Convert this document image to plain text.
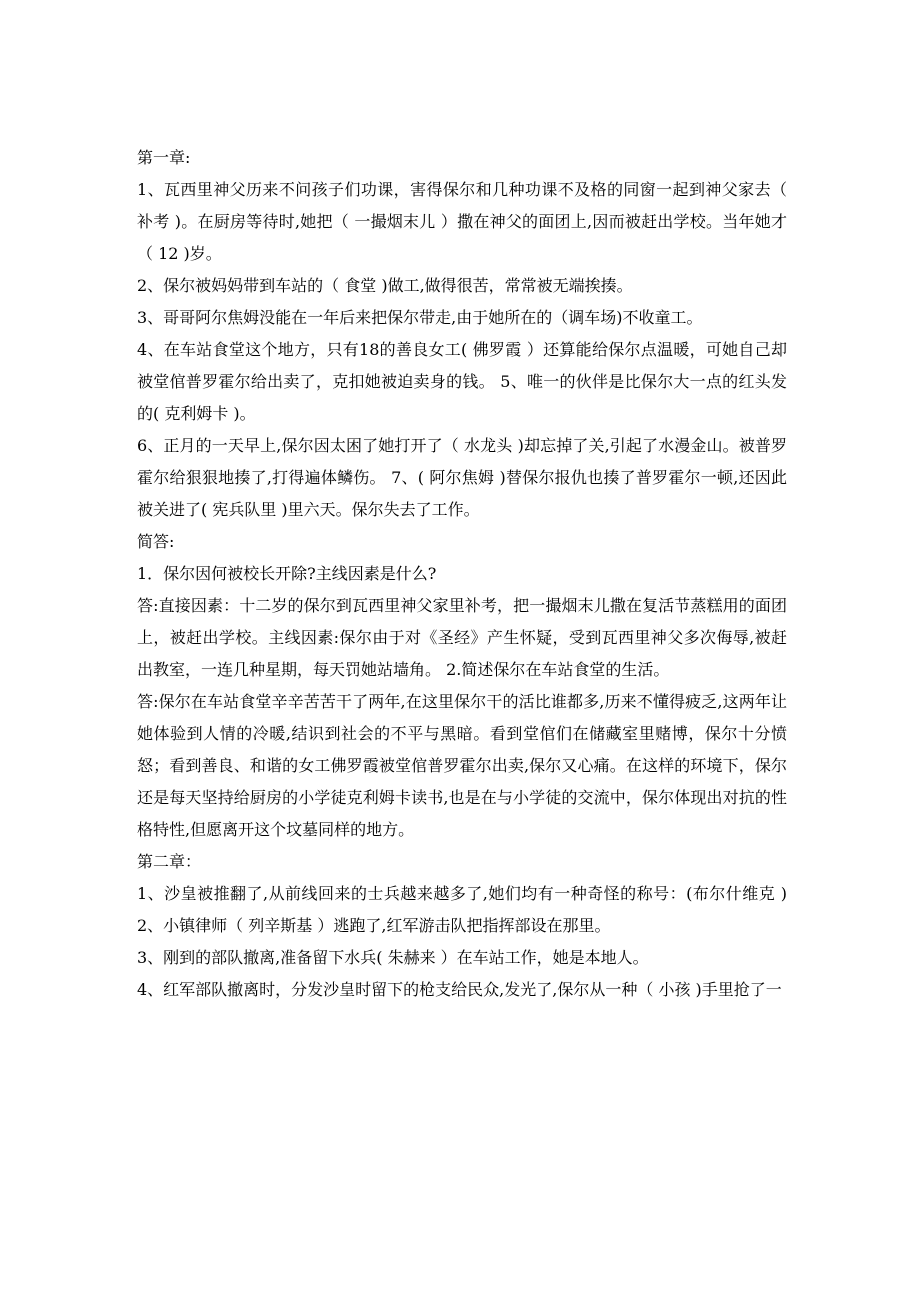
第一章:

1、瓦西里神父历来不问孩子们功课，害得保尔和几种功课不及格的同窗一起到神父家去（ 补考 )。在厨房等待时,她把（ 一撮烟末儿 ）撒在神父的面团上,因而被赶出学校。当年她才（ 12 )岁。

2、保尔被妈妈带到车站的（ 食堂 )做工,做得很苦，常常被无端挨揍。

3、哥哥阿尔焦姆没能在一年后来把保尔带走,由于她所在的（调车场)不收童工。

4、在车站食堂这个地方，只有18的善良女工( 佛罗霞 ）还算能给保尔点温暖，可她自己却被堂倌普罗霍尔给出卖了，克扣她被迫卖身的钱。 5、唯一的伙伴是比保尔大一点的红头发的( 克利姆卡 )。

6、正月的一天早上,保尔因太困了她打开了（ 水龙头 )却忘掉了关,引起了水漫金山。被普罗霍尔给狠狠地揍了,打得遍体鳞伤。 7、( 阿尔焦姆 )替保尔报仇也揍了普罗霍尔一顿,还因此被关进了( 宪兵队里 )里六天。保尔失去了工作。

简答:

1．保尔因何被校长开除?主线因素是什么?

答:直接因素：十二岁的保尔到瓦西里神父家里补考，把一撮烟末儿撒在复活节蒸糕用的面团上，被赶出学校。主线因素:保尔由于对《圣经》产生怀疑，受到瓦西里神父多次侮辱,被赶出教室，一连几种星期，每天罚她站墙角。 2.简述保尔在车站食堂的生活。

答:保尔在车站食堂辛辛苦苦干了两年,在这里保尔干的活比谁都多,历来不懂得疲乏,这两年让她体验到人情的冷暖,结识到社会的不平与黑暗。看到堂倌们在储藏室里赌博，保尔十分愤怒；看到善良、和谐的女工佛罗霞被堂倌普罗霍尔出卖,保尔又心痛。在这样的环境下，保尔还是每天坚持给厨房的小学徒克利姆卡读书,也是在与小学徒的交流中，保尔体现出对抗的性格特性,但愿离开这个坟墓同样的地方。

第二章：

1、沙皇被推翻了,从前线回来的士兵越来越多了,她们均有一种奇怪的称号：(布尔什维克 ) 2、小镇律师（ 列辛斯基 ）逃跑了,红军游击队把指挥部设在那里。

3、刚到的部队撤离,准备留下水兵( 朱赫来 ）在车站工作，她是本地人。

4、红军部队撤离时，分发沙皇时留下的枪支给民众,发光了,保尔从一种（ 小孩 )手里抢了一
